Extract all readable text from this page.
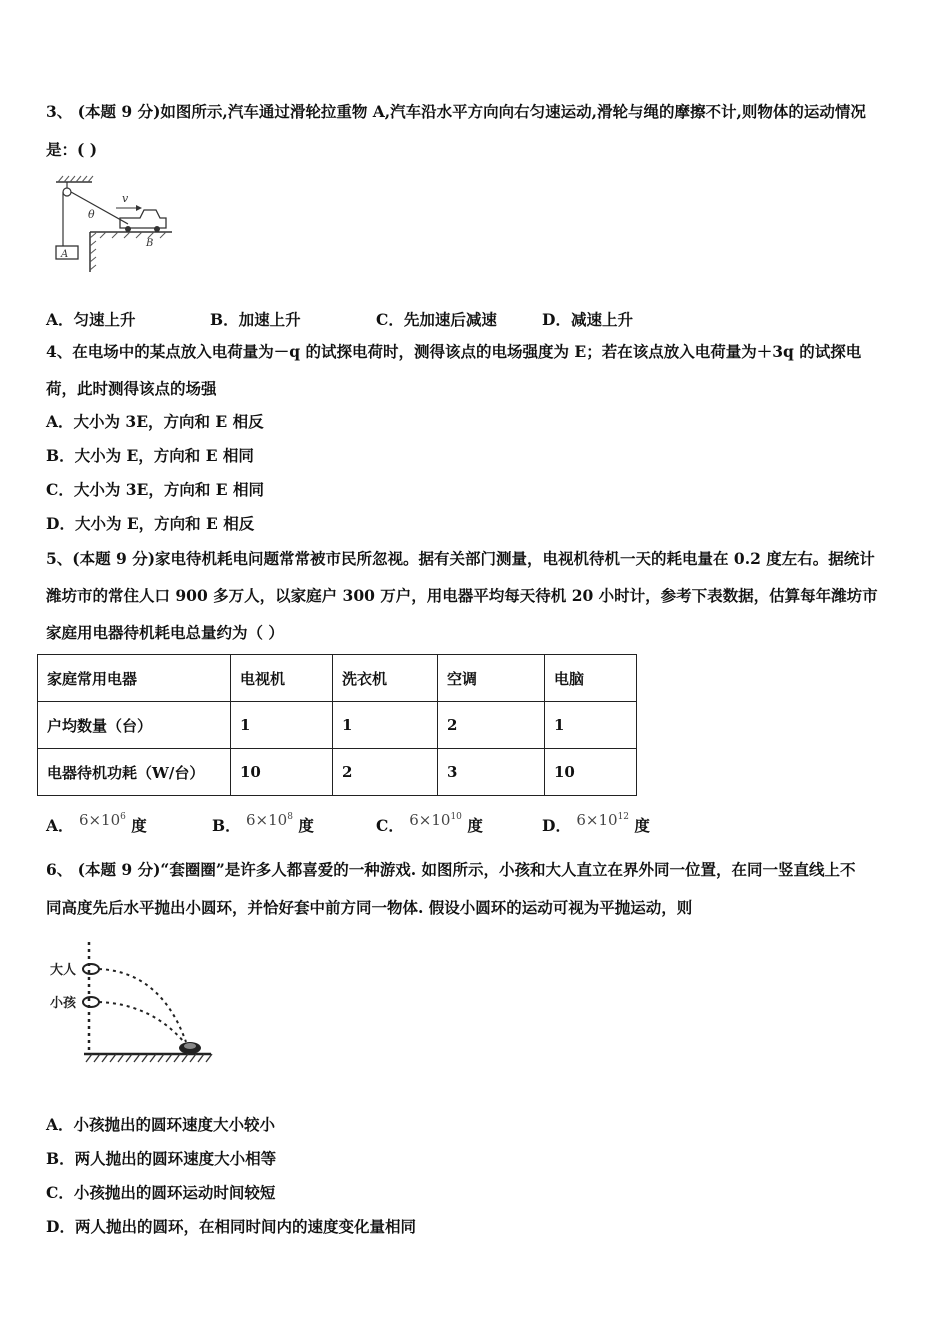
3、 (本题 9 分)如图所示,汽车通过滑轮拉重物 A,汽车沿水平方向向右匀速运动,滑轮与绳的摩擦不计,则物体的运动情况
是：( )
A
v
θ
B
A．匀速上升	B．加速上升	C．先加速后减速	D．减速上升
4、在电场中的某点放入电荷量为－q 的试探电荷时，测得该点的电场强度为 E；若在该点放入电荷量为＋3q 的试探电
荷，此时测得该点的场强
A．大小为 3E，方向和 E 相反
B．大小为 E，方向和 E 相同
C．大小为 3E，方向和 E 相同
D．大小为 E，方向和 E 相反
5、(本题 9 分)家电待机耗电问题常常被市民所忽视。据有关部门测量，电视机待机一天的耗电量在 0.2 度左右。据统计
潍坊市的常住人口 900 多万人，以家庭户 300 万户，用电器平均每天待机 20 小时计，参考下表数据，估算每年潍坊市
家庭用电器待机耗电总量约为（ ）
家庭常用电器	电视机	洗衣机	空调	电脑
户均数量（台）	1	1	2	1
电器待机功耗（W/台）	10	2	3	10
A． $6\times 10^6$ 度	B． $6\times 10^8$ 度	C． $6\times 10^{10}$ 度	D． $6\times 10^{12}$ 度
6、 (本题 9 分)“套圈圈”是许多人都喜爱的一种游戏. 如图所示，小孩和大人直立在界外同一位置，在同一竖直线上不
同高度先后水平抛出小圆环，并恰好套中前方同一物体. 假设小圆环的运动可视为平抛运动，则
大人
小孩
A．小孩抛出的圆环速度大小较小
B．两人抛出的圆环速度大小相等
C．小孩抛出的圆环运动时间较短
D．两人抛出的圆环，在相同时间内的速度变化量相同
